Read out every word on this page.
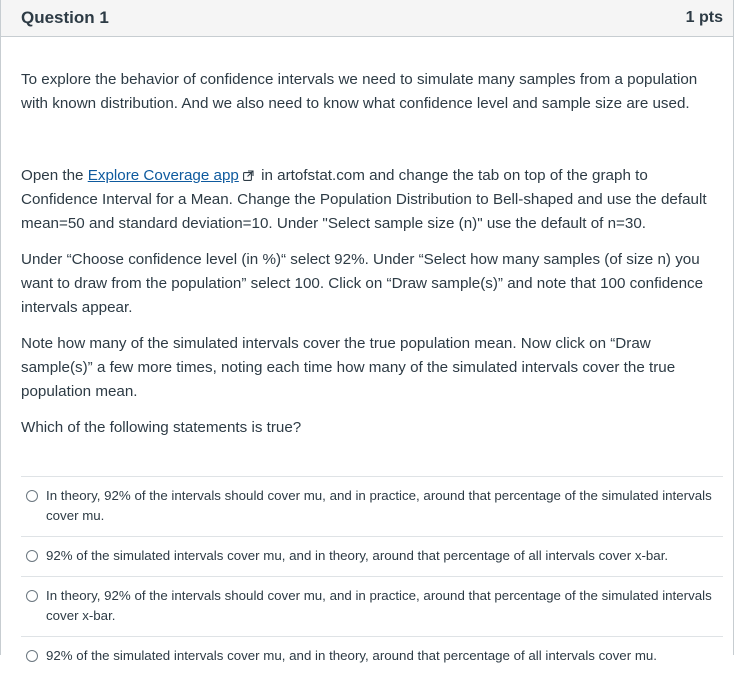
Question 1	1 pts

To explore the behavior of confidence intervals we need to simulate many samples from a population with known distribution. And we also need to know what confidence level and sample size are used.

Open the Explore Coverage app in artofstat.com and change the tab on top of the graph to Confidence Interval for a Mean. Change the Population Distribution to Bell-shaped and use the default mean=50 and standard deviation=10. Under "Select sample size (n)" use the default of n=30.

Under “Choose confidence level (in %)“ select 92%. Under “Select how many samples (of size n) you want to draw from the population” select 100. Click on “Draw sample(s)” and note that 100 confidence intervals appear.

Note how many of the simulated intervals cover the true population mean. Now click on “Draw sample(s)” a few more times, noting each time how many of the simulated intervals cover the true population mean.

Which of the following statements is true?

In theory, 92% of the intervals should cover mu, and in practice, around that percentage of the simulated intervals cover mu.
92% of the simulated intervals cover mu, and in theory, around that percentage of all intervals cover x-bar.
In theory, 92% of the intervals should cover mu, and in practice, around that percentage of the simulated intervals cover x-bar.
92% of the simulated intervals cover mu, and in theory, around that percentage of all intervals cover mu.
